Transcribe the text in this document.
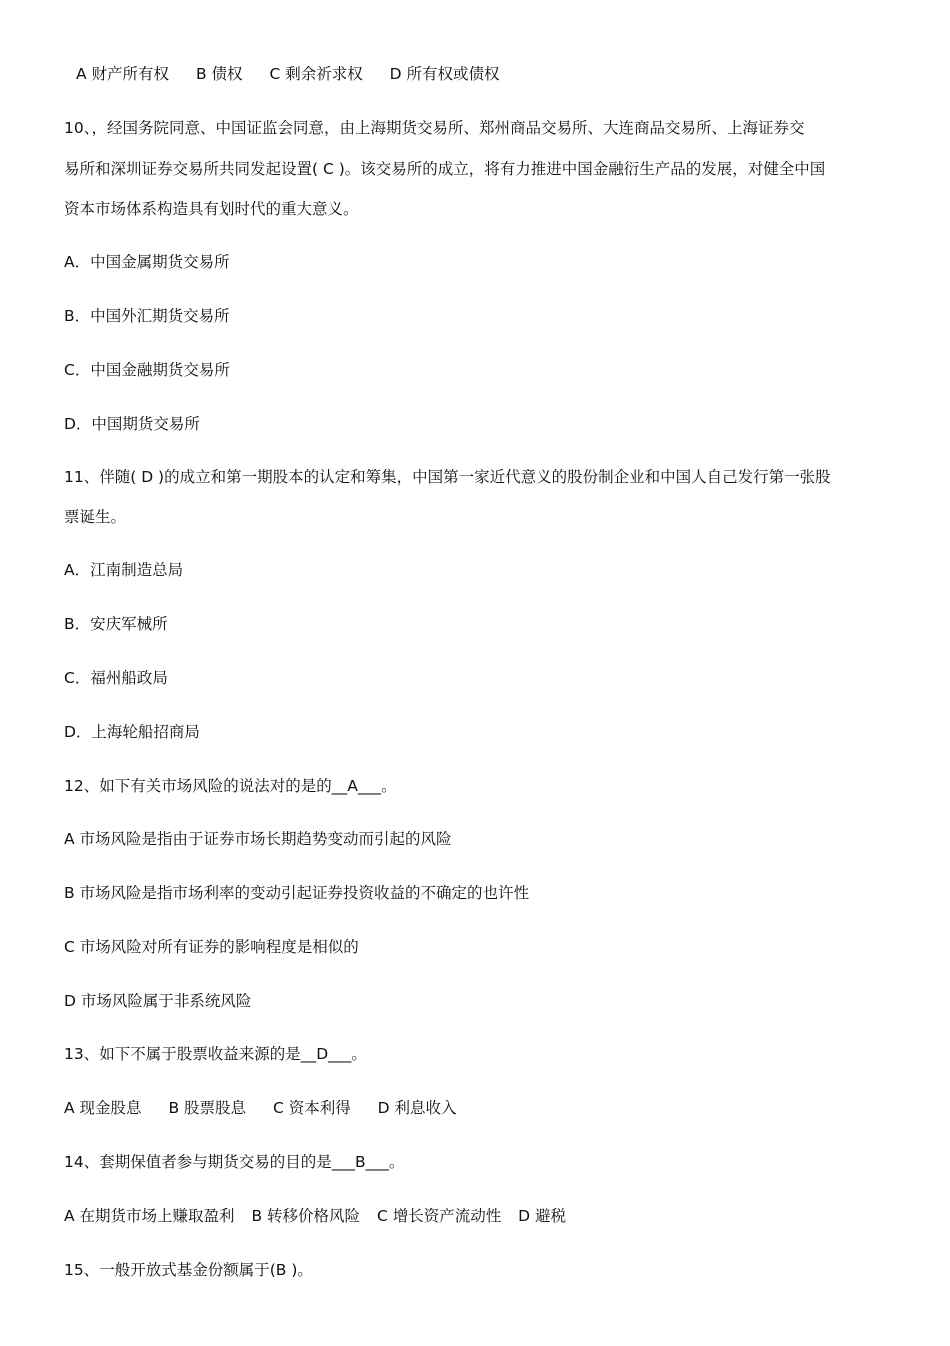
A 财产所有权 B 债权 C 剩余祈求权 D 所有权或债权
10、，经国务院同意、中国证监会同意，由上海期货交易所、郑州商品交易所、大连商品交易所、上海证券交
易所和深圳证券交易所共同发起设置( C )。该交易所的成立，将有力推进中国金融衍生产品的发展，对健全中国
资本市场体系构造具有划时代的重大意义。
A．中国金属期货交易所
B．中国外汇期货交易所
C．中国金融期货交易所
D．中国期货交易所
11、伴随( D )的成立和第一期股本的认定和筹集，中国第一家近代意义的股份制企业和中国人自己发行第一张股
票诞生。
A．江南制造总局
B．安庆军械所
C．福州船政局
D．上海轮船招商局
12、如下有关市场风险的说法对的是的__A___。
A 市场风险是指由于证券市场长期趋势变动而引起的风险
B 市场风险是指市场利率的变动引起证券投资收益的不确定的也许性
C 市场风险对所有证券的影响程度是相似的
D 市场风险属于非系统风险
13、如下不属于股票收益来源的是__D___。
A 现金股息 B 股票股息 C 资本利得 D 利息收入
14、套期保值者参与期货交易的目的是___B___。
A 在期货市场上赚取盈利 B 转移价格风险 C 增长资产流动性 D 避税
15、一般开放式基金份额属于(B )。
